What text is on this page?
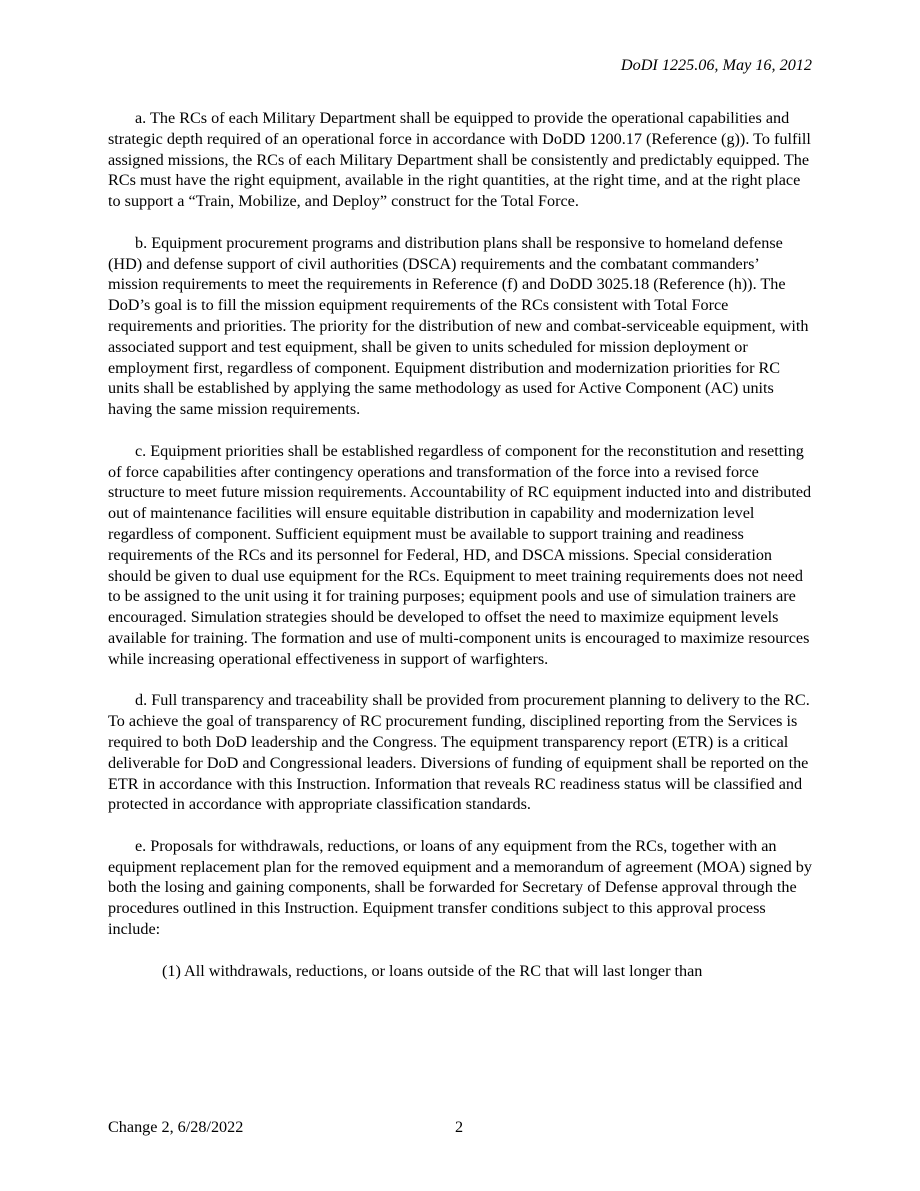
DoDI 1225.06, May 16, 2012

a. The RCs of each Military Department shall be equipped to provide the operational capabilities and strategic depth required of an operational force in accordance with DoDD 1200.17 (Reference (g)). To fulfill assigned missions, the RCs of each Military Department shall be consistently and predictably equipped. The RCs must have the right equipment, available in the right quantities, at the right time, and at the right place to support a “Train, Mobilize, and Deploy” construct for the Total Force.

b. Equipment procurement programs and distribution plans shall be responsive to homeland defense (HD) and defense support of civil authorities (DSCA) requirements and the combatant commanders’ mission requirements to meet the requirements in Reference (f) and DoDD 3025.18 (Reference (h)). The DoD’s goal is to fill the mission equipment requirements of the RCs consistent with Total Force requirements and priorities. The priority for the distribution of new and combat-serviceable equipment, with associated support and test equipment, shall be given to units scheduled for mission deployment or employment first, regardless of component. Equipment distribution and modernization priorities for RC units shall be established by applying the same methodology as used for Active Component (AC) units having the same mission requirements.

c. Equipment priorities shall be established regardless of component for the reconstitution and resetting of force capabilities after contingency operations and transformation of the force into a revised force structure to meet future mission requirements. Accountability of RC equipment inducted into and distributed out of maintenance facilities will ensure equitable distribution in capability and modernization level regardless of component. Sufficient equipment must be available to support training and readiness requirements of the RCs and its personnel for Federal, HD, and DSCA missions. Special consideration should be given to dual use equipment for the RCs. Equipment to meet training requirements does not need to be assigned to the unit using it for training purposes; equipment pools and use of simulation trainers are encouraged. Simulation strategies should be developed to offset the need to maximize equipment levels available for training. The formation and use of multi-component units is encouraged to maximize resources while increasing operational effectiveness in support of warfighters.

d. Full transparency and traceability shall be provided from procurement planning to delivery to the RC. To achieve the goal of transparency of RC procurement funding, disciplined reporting from the Services is required to both DoD leadership and the Congress. The equipment transparency report (ETR) is a critical deliverable for DoD and Congressional leaders. Diversions of funding of equipment shall be reported on the ETR in accordance with this Instruction. Information that reveals RC readiness status will be classified and protected in accordance with appropriate classification standards.

e. Proposals for withdrawals, reductions, or loans of any equipment from the RCs, together with an equipment replacement plan for the removed equipment and a memorandum of agreement (MOA) signed by both the losing and gaining components, shall be forwarded for Secretary of Defense approval through the procedures outlined in this Instruction. Equipment transfer conditions subject to this approval process include:

(1) All withdrawals, reductions, or loans outside of the RC that will last longer than

Change 2, 6/28/2022	2
